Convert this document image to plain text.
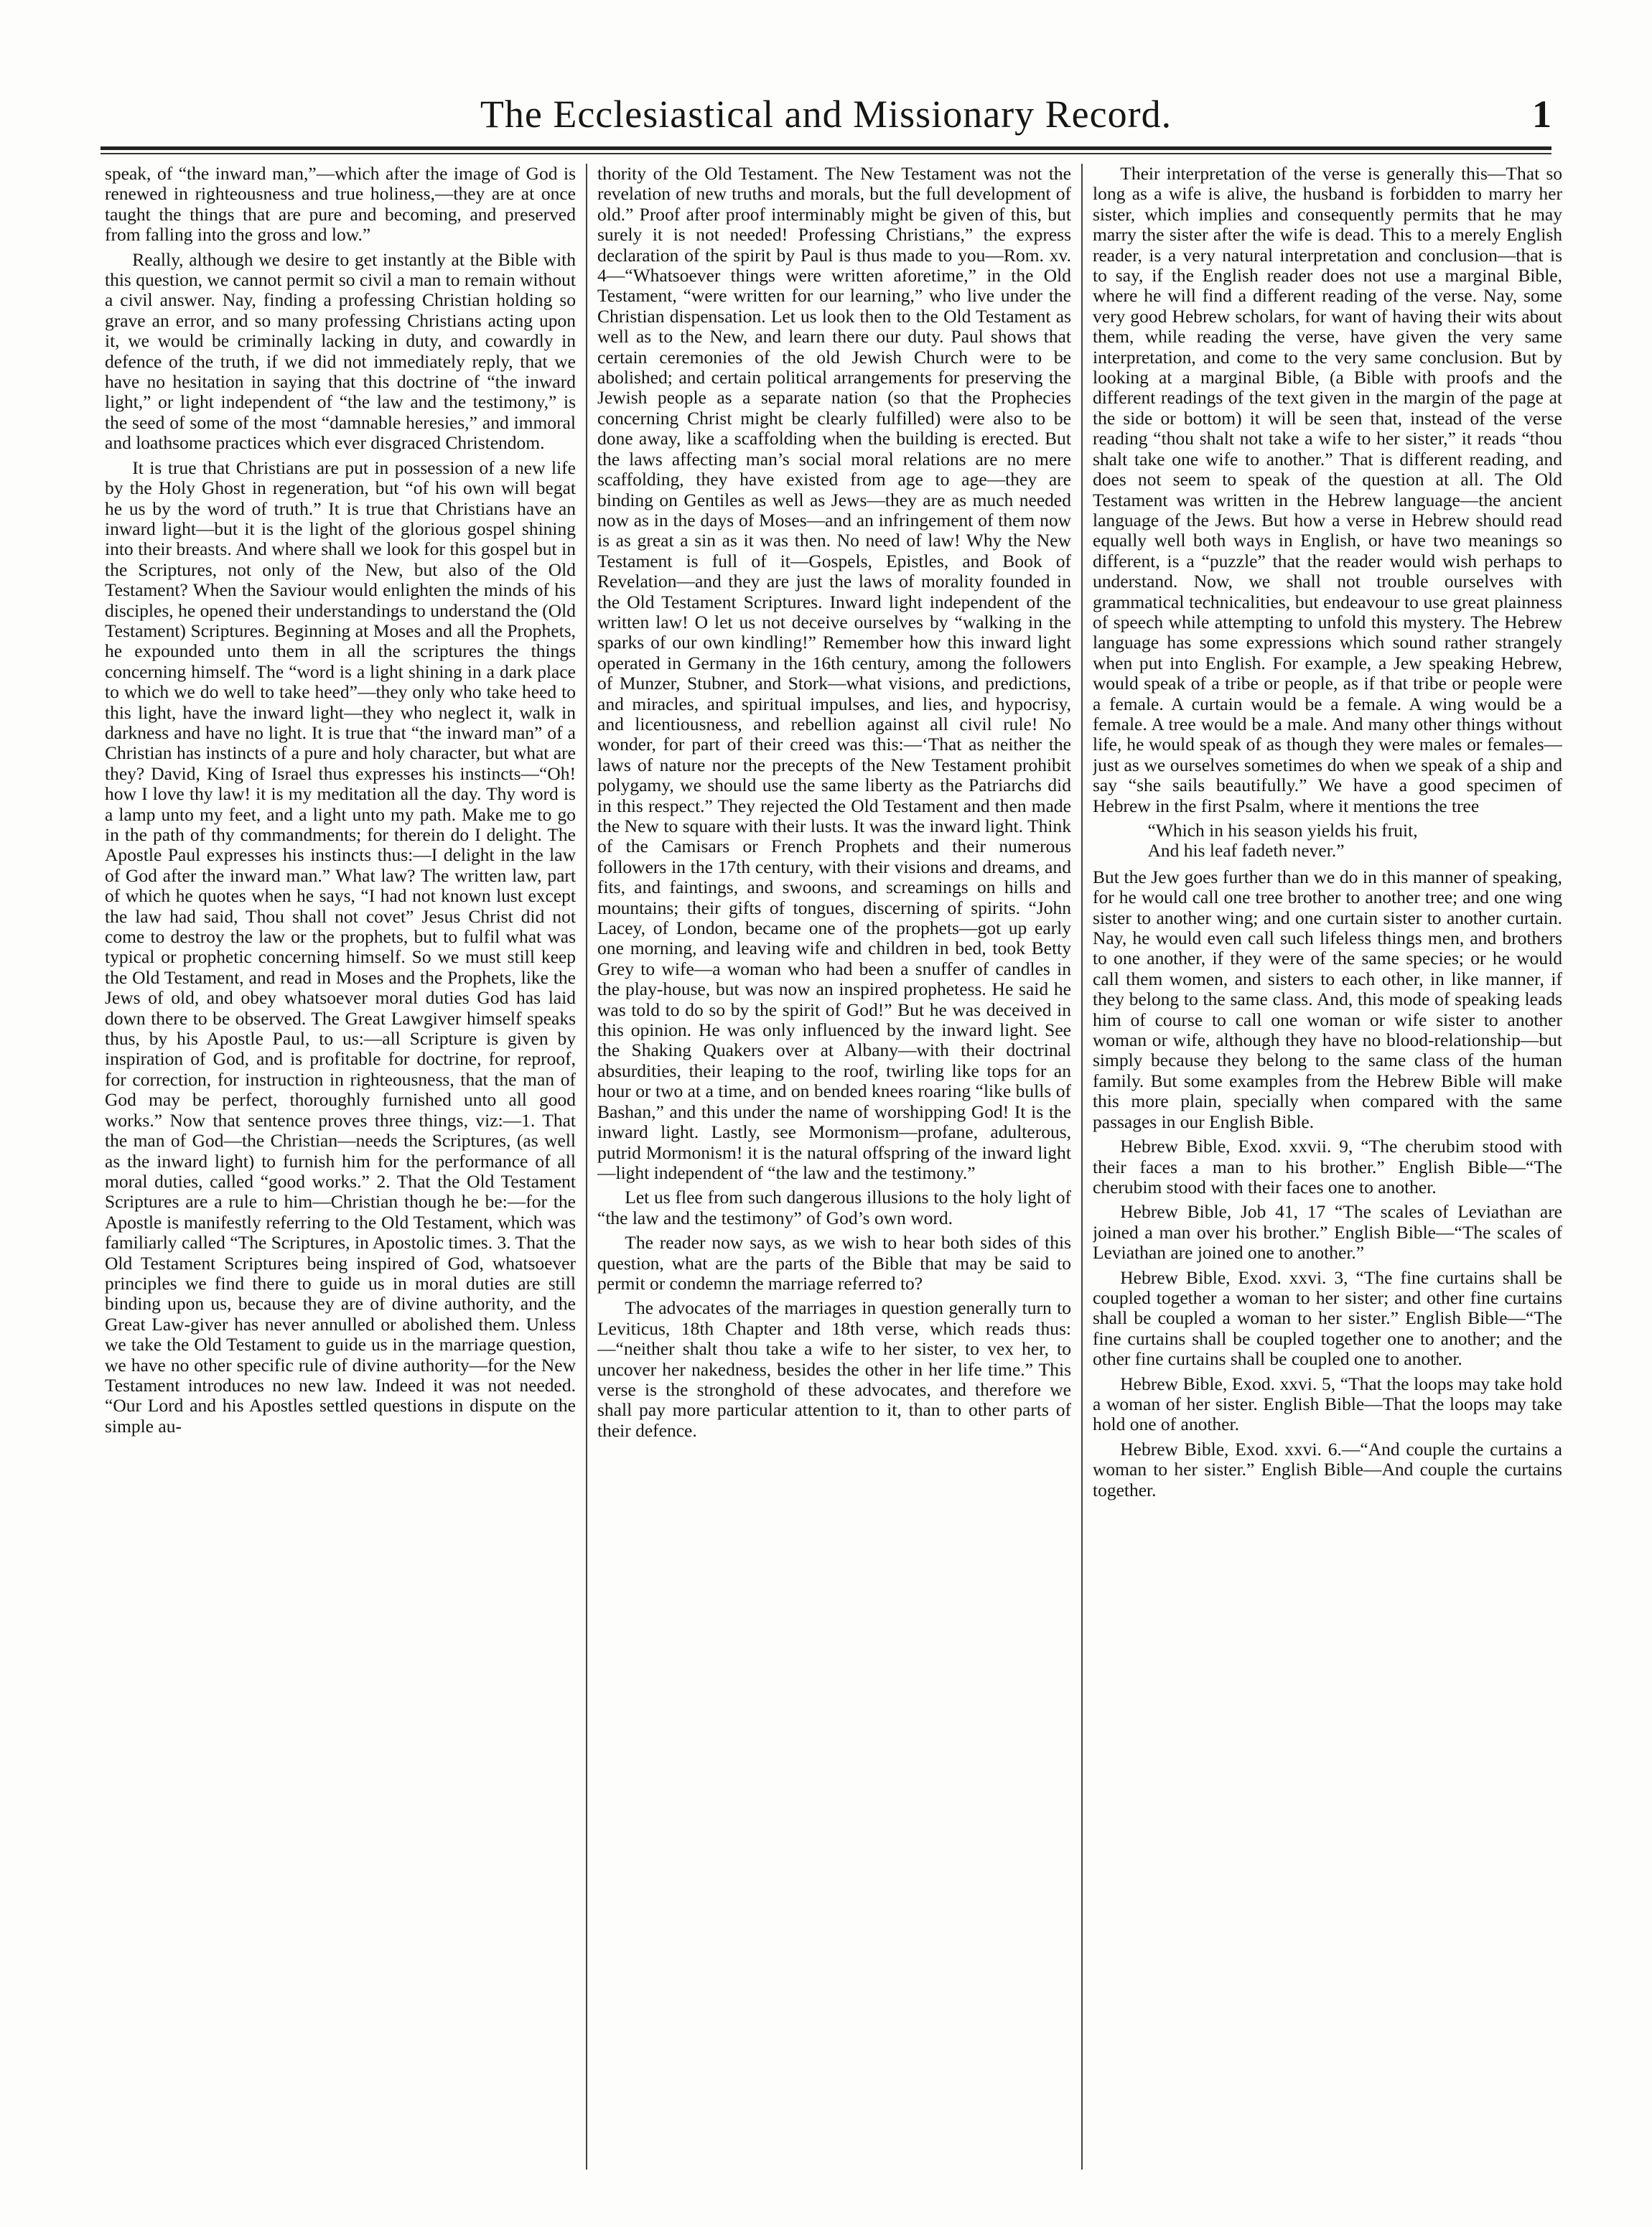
The Ecclesiastical and Missionary Record.	1

speak, of “the inward man,”—which after the image of God is renewed in righteousness and true holiness,—they are at once taught the things that are pure and becoming, and preserved from falling into the gross and low.”

Really, although we desire to get instantly at the Bible with this question, we cannot permit so civil a man to remain without a civil answer. Nay, finding a professing Christian holding so grave an error, and so many professing Christians acting upon it, we would be criminally lacking in duty, and cowardly in defence of the truth, if we did not immediately reply, that we have no hesitation in saying that this doctrine of “the inward light,” or light independent of “the law and the testimony,” is the seed of some of the most “damnable heresies,” and immoral and loathsome practices which ever disgraced Christendom.

It is true that Christians are put in possession of a new life by the Holy Ghost in regeneration, but “of his own will begat he us by the word of truth.” It is true that Christians have an inward light—but it is the light of the glorious gospel shining into their breasts. And where shall we look for this gospel but in the Scriptures, not only of the New, but also of the Old Testament? When the Saviour would enlighten the minds of his disciples, he opened their understandings to understand the (Old Testament) Scriptures. Beginning at Moses and all the Prophets, he expounded unto them in all the scriptures the things concerning himself. The “word is a light shining in a dark place to which we do well to take heed”—they only who take heed to this light, have the inward light—they who neglect it, walk in darkness and have no light. It is true that “the inward man” of a Christian has instincts of a pure and holy character, but what are they? David, King of Israel thus expresses his instincts—“Oh! how I love thy law! it is my meditation all the day. Thy word is a lamp unto my feet, and a light unto my path. Make me to go in the path of thy commandments; for therein do I delight. The Apostle Paul expresses his instincts thus:—I delight in the law of God after the inward man.” What law? The written law, part of which he quotes when he says, “I had not known lust except the law had said, Thou shall not covet” Jesus Christ did not come to destroy the law or the prophets, but to fulfil what was typical or prophetic concerning himself. So we must still keep the Old Testament, and read in Moses and the Prophets, like the Jews of old, and obey whatsoever moral duties God has laid down there to be observed. The Great Lawgiver himself speaks thus, by his Apostle Paul, to us:—all Scripture is given by inspiration of God, and is profitable for doctrine, for reproof, for correction, for instruction in righteousness, that the man of God may be perfect, thoroughly furnished unto all good works.” Now that sentence proves three things, viz:—1. That the man of God—the Christian—needs the Scriptures, (as well as the inward light) to furnish him for the performance of all moral duties, called “good works.” 2. That the Old Testament Scriptures are a rule to him—Christian though he be:—for the Apostle is manifestly referring to the Old Testament, which was familiarly called “The Scriptures, in Apostolic times. 3. That the Old Testament Scriptures being inspired of God, whatsoever principles we find there to guide us in moral duties are still binding upon us, because they are of divine authority, and the Great Law-giver has never annulled or abolished them. Unless we take the Old Testament to guide us in the marriage question, we have no other specific rule of divine authority—for the New Testament introduces no new law. Indeed it was not needed. “Our Lord and his Apostles settled questions in dispute on the simple au-

thority of the Old Testament. The New Testament was not the revelation of new truths and morals, but the full development of old.” Proof after proof interminably might be given of this, but surely it is not needed! Professing Christians,” the express declaration of the spirit by Paul is thus made to you—Rom. xv. 4—“Whatsoever things were written aforetime,” in the Old Testament, “were written for our learning,” who live under the Christian dispensation. Let us look then to the Old Testament as well as to the New, and learn there our duty. Paul shows that certain ceremonies of the old Jewish Church were to be abolished; and certain political arrangements for preserving the Jewish people as a separate nation (so that the Prophecies concerning Christ might be clearly fulfilled) were also to be done away, like a scaffolding when the building is erected. But the laws affecting man’s social moral relations are no mere scaffolding, they have existed from age to age—they are binding on Gentiles as well as Jews—they are as much needed now as in the days of Moses—and an infringement of them now is as great a sin as it was then. No need of law! Why the New Testament is full of it—Gospels, Epistles, and Book of Revelation—and they are just the laws of morality founded in the Old Testament Scriptures. Inward light independent of the written law! O let us not deceive ourselves by “walking in the sparks of our own kindling!” Remember how this inward light operated in Germany in the 16th century, among the followers of Munzer, Stubner, and Stork—what visions, and predictions, and miracles, and spiritual impulses, and lies, and hypocrisy, and licentiousness, and rebellion against all civil rule! No wonder, for part of their creed was this:—‘That as neither the laws of nature nor the precepts of the New Testament prohibit polygamy, we should use the same liberty as the Patriarchs did in this respect.” They rejected the Old Testament and then made the New to square with their lusts. It was the inward light. Think of the Camisars or French Prophets and their numerous followers in the 17th century, with their visions and dreams, and fits, and faintings, and swoons, and screamings on hills and mountains; their gifts of tongues, discerning of spirits. “John Lacey, of London, became one of the prophets—got up early one morning, and leaving wife and children in bed, took Betty Grey to wife—a woman who had been a snuffer of candles in the play-house, but was now an inspired prophetess. He said he was told to do so by the spirit of God!” But he was deceived in this opinion. He was only influenced by the inward light. See the Shaking Quakers over at Albany—with their doctrinal absurdities, their leaping to the roof, twirling like tops for an hour or two at a time, and on bended knees roaring “like bulls of Bashan,” and this under the name of worshipping God! It is the inward light. Lastly, see Mormonism—profane, adulterous, putrid Mormonism! it is the natural offspring of the inward light—light independent of “the law and the testimony.”

Let us flee from such dangerous illusions to the holy light of “the law and the testimony” of God’s own word.

The reader now says, as we wish to hear both sides of this question, what are the parts of the Bible that may be said to permit or condemn the marriage referred to?

The advocates of the marriages in question generally turn to Leviticus, 18th Chapter and 18th verse, which reads thus:—“neither shalt thou take a wife to her sister, to vex her, to uncover her nakedness, besides the other in her life time.” This verse is the stronghold of these advocates, and therefore we shall pay more particular attention to it, than to other parts of their defence.

Their interpretation of the verse is generally this—That so long as a wife is alive, the husband is forbidden to marry her sister, which implies and consequently permits that he may marry the sister after the wife is dead. This to a merely English reader, is a very natural interpretation and conclusion—that is to say, if the English reader does not use a marginal Bible, where he will find a different reading of the verse. Nay, some very good Hebrew scholars, for want of having their wits about them, while reading the verse, have given the very same interpretation, and come to the very same conclusion. But by looking at a marginal Bible, (a Bible with proofs and the different readings of the text given in the margin of the page at the side or bottom) it will be seen that, instead of the verse reading “thou shalt not take a wife to her sister,” it reads “thou shalt take one wife to another.” That is different reading, and does not seem to speak of the question at all. The Old Testament was written in the Hebrew language—the ancient language of the Jews. But how a verse in Hebrew should read equally well both ways in English, or have two meanings so different, is a “puzzle” that the reader would wish perhaps to understand. Now, we shall not trouble ourselves with grammatical technicalities, but endeavour to use great plainness of speech while attempting to unfold this mystery. The Hebrew language has some expressions which sound rather strangely when put into English. For example, a Jew speaking Hebrew, would speak of a tribe or people, as if that tribe or people were a female. A curtain would be a female. A wing would be a female. A tree would be a male. And many other things without life, he would speak of as though they were males or females—just as we ourselves sometimes do when we speak of a ship and say “she sails beautifully.” We have a good specimen of Hebrew in the first Psalm, where it mentions the tree

“Which in his season yields his fruit,
And his leaf fadeth never.”

But the Jew goes further than we do in this manner of speaking, for he would call one tree brother to another tree; and one wing sister to another wing; and one curtain sister to another curtain. Nay, he would even call such lifeless things men, and brothers to one another, if they were of the same species; or he would call them women, and sisters to each other, in like manner, if they belong to the same class. And, this mode of speaking leads him of course to call one woman or wife sister to another woman or wife, although they have no blood-relationship—but simply because they belong to the same class of the human family. But some examples from the Hebrew Bible will make this more plain, specially when compared with the same passages in our English Bible.

Hebrew Bible, Exod. xxvii. 9, “The cherubim stood with their faces a man to his brother.” English Bible—“The cherubim stood with their faces one to another.

Hebrew Bible, Job 41, 17 “The scales of Leviathan are joined a man over his brother.” English Bible—“The scales of Leviathan are joined one to another.”

Hebrew Bible, Exod. xxvi. 3, “The fine curtains shall be coupled together a woman to her sister; and other fine curtains shall be coupled a woman to her sister.” English Bible—“The fine curtains shall be coupled together one to another; and the other fine curtains shall be coupled one to another.

Hebrew Bible, Exod. xxvi. 5, “That the loops may take hold a woman of her sister. English Bible—That the loops may take hold one of another.

Hebrew Bible, Exod. xxvi. 6.—“And couple the curtains a woman to her sister.” English Bible—And couple the curtains together.
